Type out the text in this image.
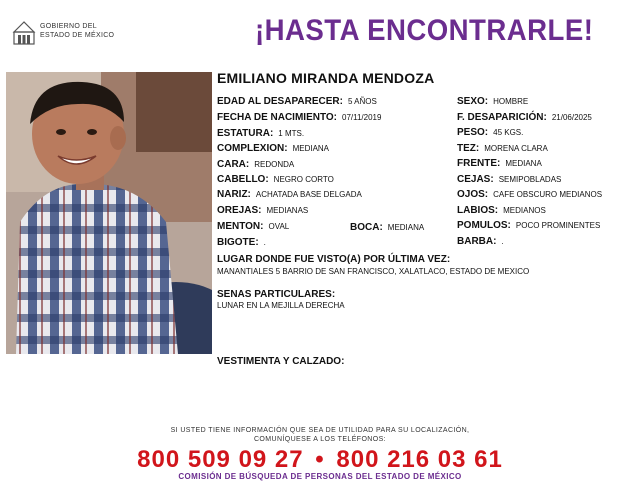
GOBIERNO DEL
ESTADO DE MÉXICO	¡HASTA ENCONTRARLE!
EMILIANO MIRANDA MENDOZA
EDAD AL DESAPARECER: 5 AÑOS
FECHA DE NACIMIENTO: 07/11/2019
ESTATURA: 1 MTS.
COMPLEXION: MEDIANA
CARA: REDONDA
CABELLO: NEGRO CORTO
NARIZ: ACHATADA BASE DELGADA
OREJAS: MEDIANAS
MENTON: OVAL	BOCA: MEDIANA
BIGOTE: .
SEXO: HOMBRE
F. DESAPARICIÓN: 21/06/2025
PESO: 45 KGS.
TEZ: MORENA CLARA
FRENTE: MEDIANA
CEJAS: SEMIPOBLADAS
OJOS: CAFE OBSCURO MEDIANOS
LABIOS: MEDIANOS
POMULOS: POCO PROMINENTES
BARBA: .
LUGAR DONDE FUE VISTO(A) POR ÚLTIMA VEZ:
MANANTIALES 5 BARRIO DE SAN FRANCISCO, XALATLACO, ESTADO DE MEXICO
SENAS PARTICULARES:
LUNAR EN LA MEJILLA DERECHA
VESTIMENTA Y CALZADO:
SI USTED TIENE INFORMACIÓN QUE SEA DE UTILIDAD PARA SU LOCALIZACIÓN,
COMUNÍQUESE A LOS TELÉFONOS:
800 509 09 27 • 800 216 03 61
COMISIÓN DE BÚSQUEDA DE PERSONAS DEL ESTADO DE MÉXICO
